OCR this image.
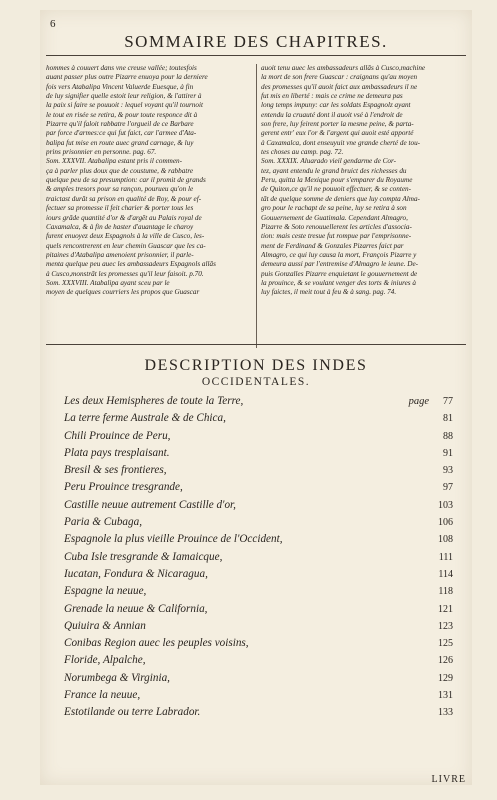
6
SOMMAIRE DES CHAPITRES.
hommes à couuert dans vne creuse vallée; toutesfois
auant passer plus outre Pizarre enuoya pour la derniere
fois vers Atabalipa Vincent Valuerde Euesque, à fin
de luy signifier quelle estoit leur religion, & l'attirer à
la paix si faire se pouuoit : lequel voyant qu'il tournoit
le tout en risée se retira, & pour toute responce dit à
Pizarre qu'il faloit rabbatre l'orgueil de ce Barbare
par force d'armes:ce qui fut faict, car l'armee d'Ata-
balipa fut mise en route auec grand carnage, & luy
prins prisonnier en personne. pag. 67.
Som. XXXVII. Atabalipa estant pris il commen-
ça à parler plus doux que de coustume, & rabbatre
quelque peu de sa presumption: car il promit de grands
& amples tresors pour sa rançon, pourueu qu'on le
traictast durāt sa prison en qualité de Roy, & pour ef-
fectuer sa promesse il feit charier & porter tous les
iours grāde quantité d'or & d'argēt au Palais royal de
Caxamalca, & à fin de haster d'auantage le charoy
furent enuoyez deux Espagnols à la ville de Cusco, les-
quels rencontrerent en leur chemin Guascar que les ca-
pitaines d'Atabalipa amenoient prisonnier, il parle-
menta quelque peu auec les ambassadeurs Espagnols allās
à Cusco,monstrāt les promesses qu'il leur faisoit. p.70.
Som. XXXVIII. Atabalipa ayant sceu par le
moyen de quelques courriers les propos que Guascar
auoit tenu auec les ambassadeurs allās à Cusco,machine
la mort de son frere Guascar : craignans qu'au moyen
des promesses qu'il auoit faict aux ambassadeurs il ne
fut mis en liberté : mais ce crime ne demeura pas
long temps impuny: car les soldats Espagnolz ayant
entendu la cruauté dont il auoit vsé à l'endroit de
son frere, luy feirent porter la mesme peine, & parta-
gerent entr' eux l'or & l'argent qui auoit esté apporté
à Caxamalca, dont enseuyuit vne grande cherté de tou-
tes choses au camp. pag. 72.
Som. XXXIX. Aluarado vieil gendarme de Cor-
tez, ayant entendu le grand bruict des richesses du
Peru, quitta la Mexique pour s'emparer du Royaume
de Quiton,ce qu'il ne pouuoit effectuer, & se conten-
tāt de quelque somme de deniers que luy compta Alma-
gro pour le rachapt de sa peine, luy se retira à son
Gouuernement de Guatimala. Cependant Almagro,
Pizarre & Soto renouuellerent les articles d'associa-
tion: mais ceste tresue fut rompue par l'emprisonne-
ment de Ferdinand & Gonzales Pizarres faict par
Almagro, ce qui luy causa la mort, François Pizarre y
demeura aussi par l'entremise d'Almagro le ieune. De-
puis Gonzalles Pizarre enquietant le gouuernement de
la prouince, & se voulant venger des torts & iniures à
luy faictes, il meit tout à feu & à sang. pag. 74.
DESCRIPTION DES INDES
OCCIDENTALES.
Les deux Hemispheres de toute la Terre,	page 77
La terre ferme Australe & de Chica,	81
Chili Prouince de Peru,	88
Plata pays tresplaisant.	91
Bresil & ses frontieres,	93
Peru Prouince tresgrande,	97
Castille neuue autrement Castille d'or,	103
Paria & Cubaga,	106
Espagnole la plus vieille Prouince de l'Occident,	108
Cuba Isle tresgrande & Iamaicque,	111
Iucatan, Fondura & Nicaragua,	114
Espagne la neuue,	118
Grenade la neuue & California,	121
Quiuira & Annian	123
Conibas Region auec les peuples voisins,	125
Floride, Alpalche,	126
Norumbega & Virginia,	129
France la neuue,	131
Estotilande ou terre Labrador.	133
LIVRE
